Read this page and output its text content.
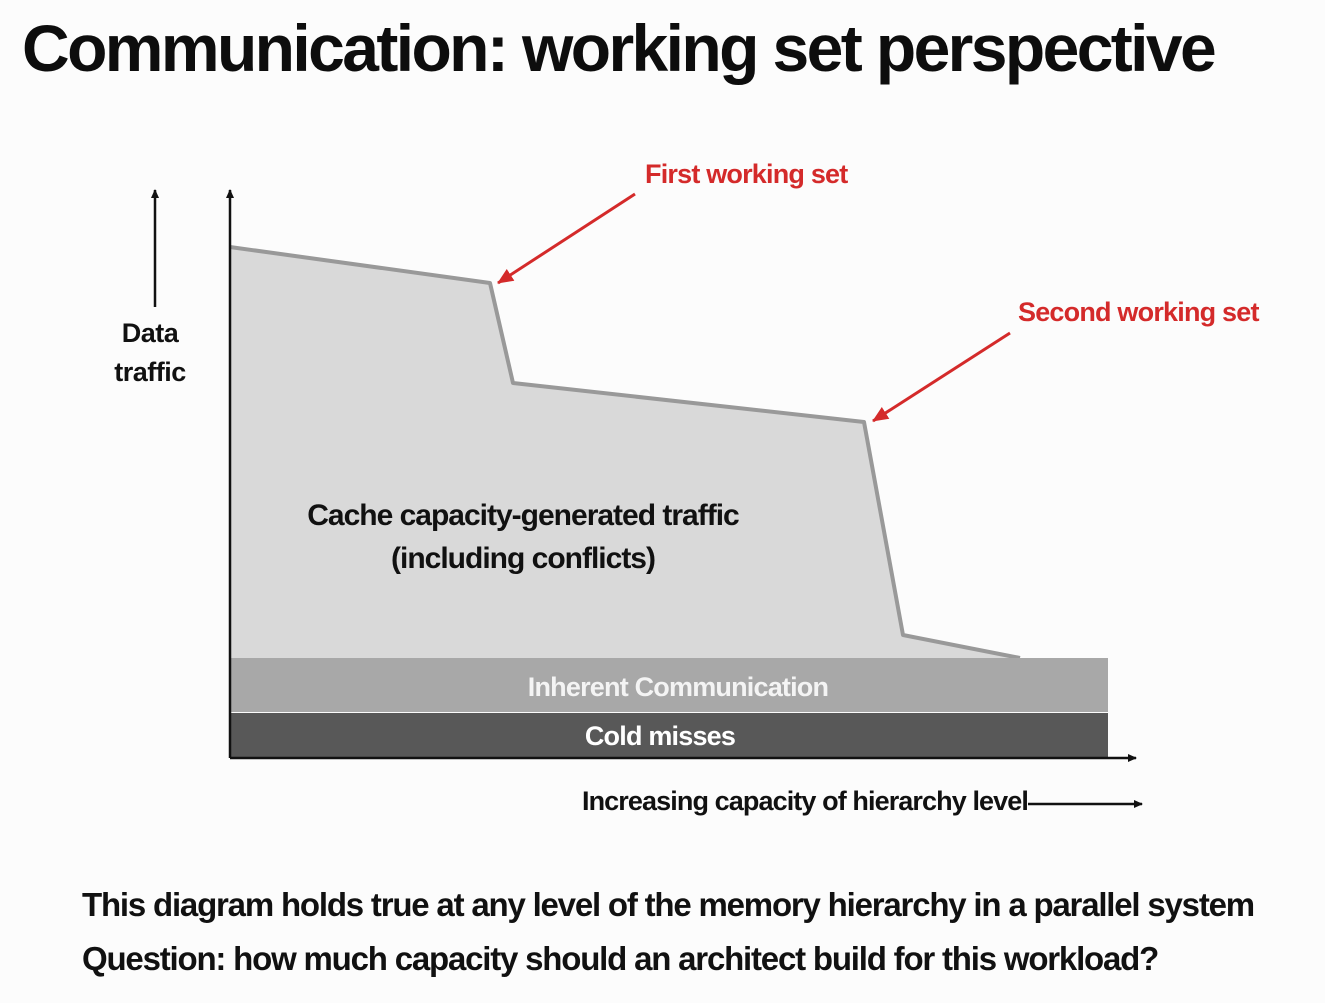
Communication: working set perspective
Data
traffic
Increasing capacity of hierarchy level
Cache capacity-generated traffic
(including conflicts)
Inherent Communication
Cold misses
First working set
Second working set

This diagram holds true at any level of the memory hierarchy in a parallel system

Question: how much capacity should an architect build for this workload?
